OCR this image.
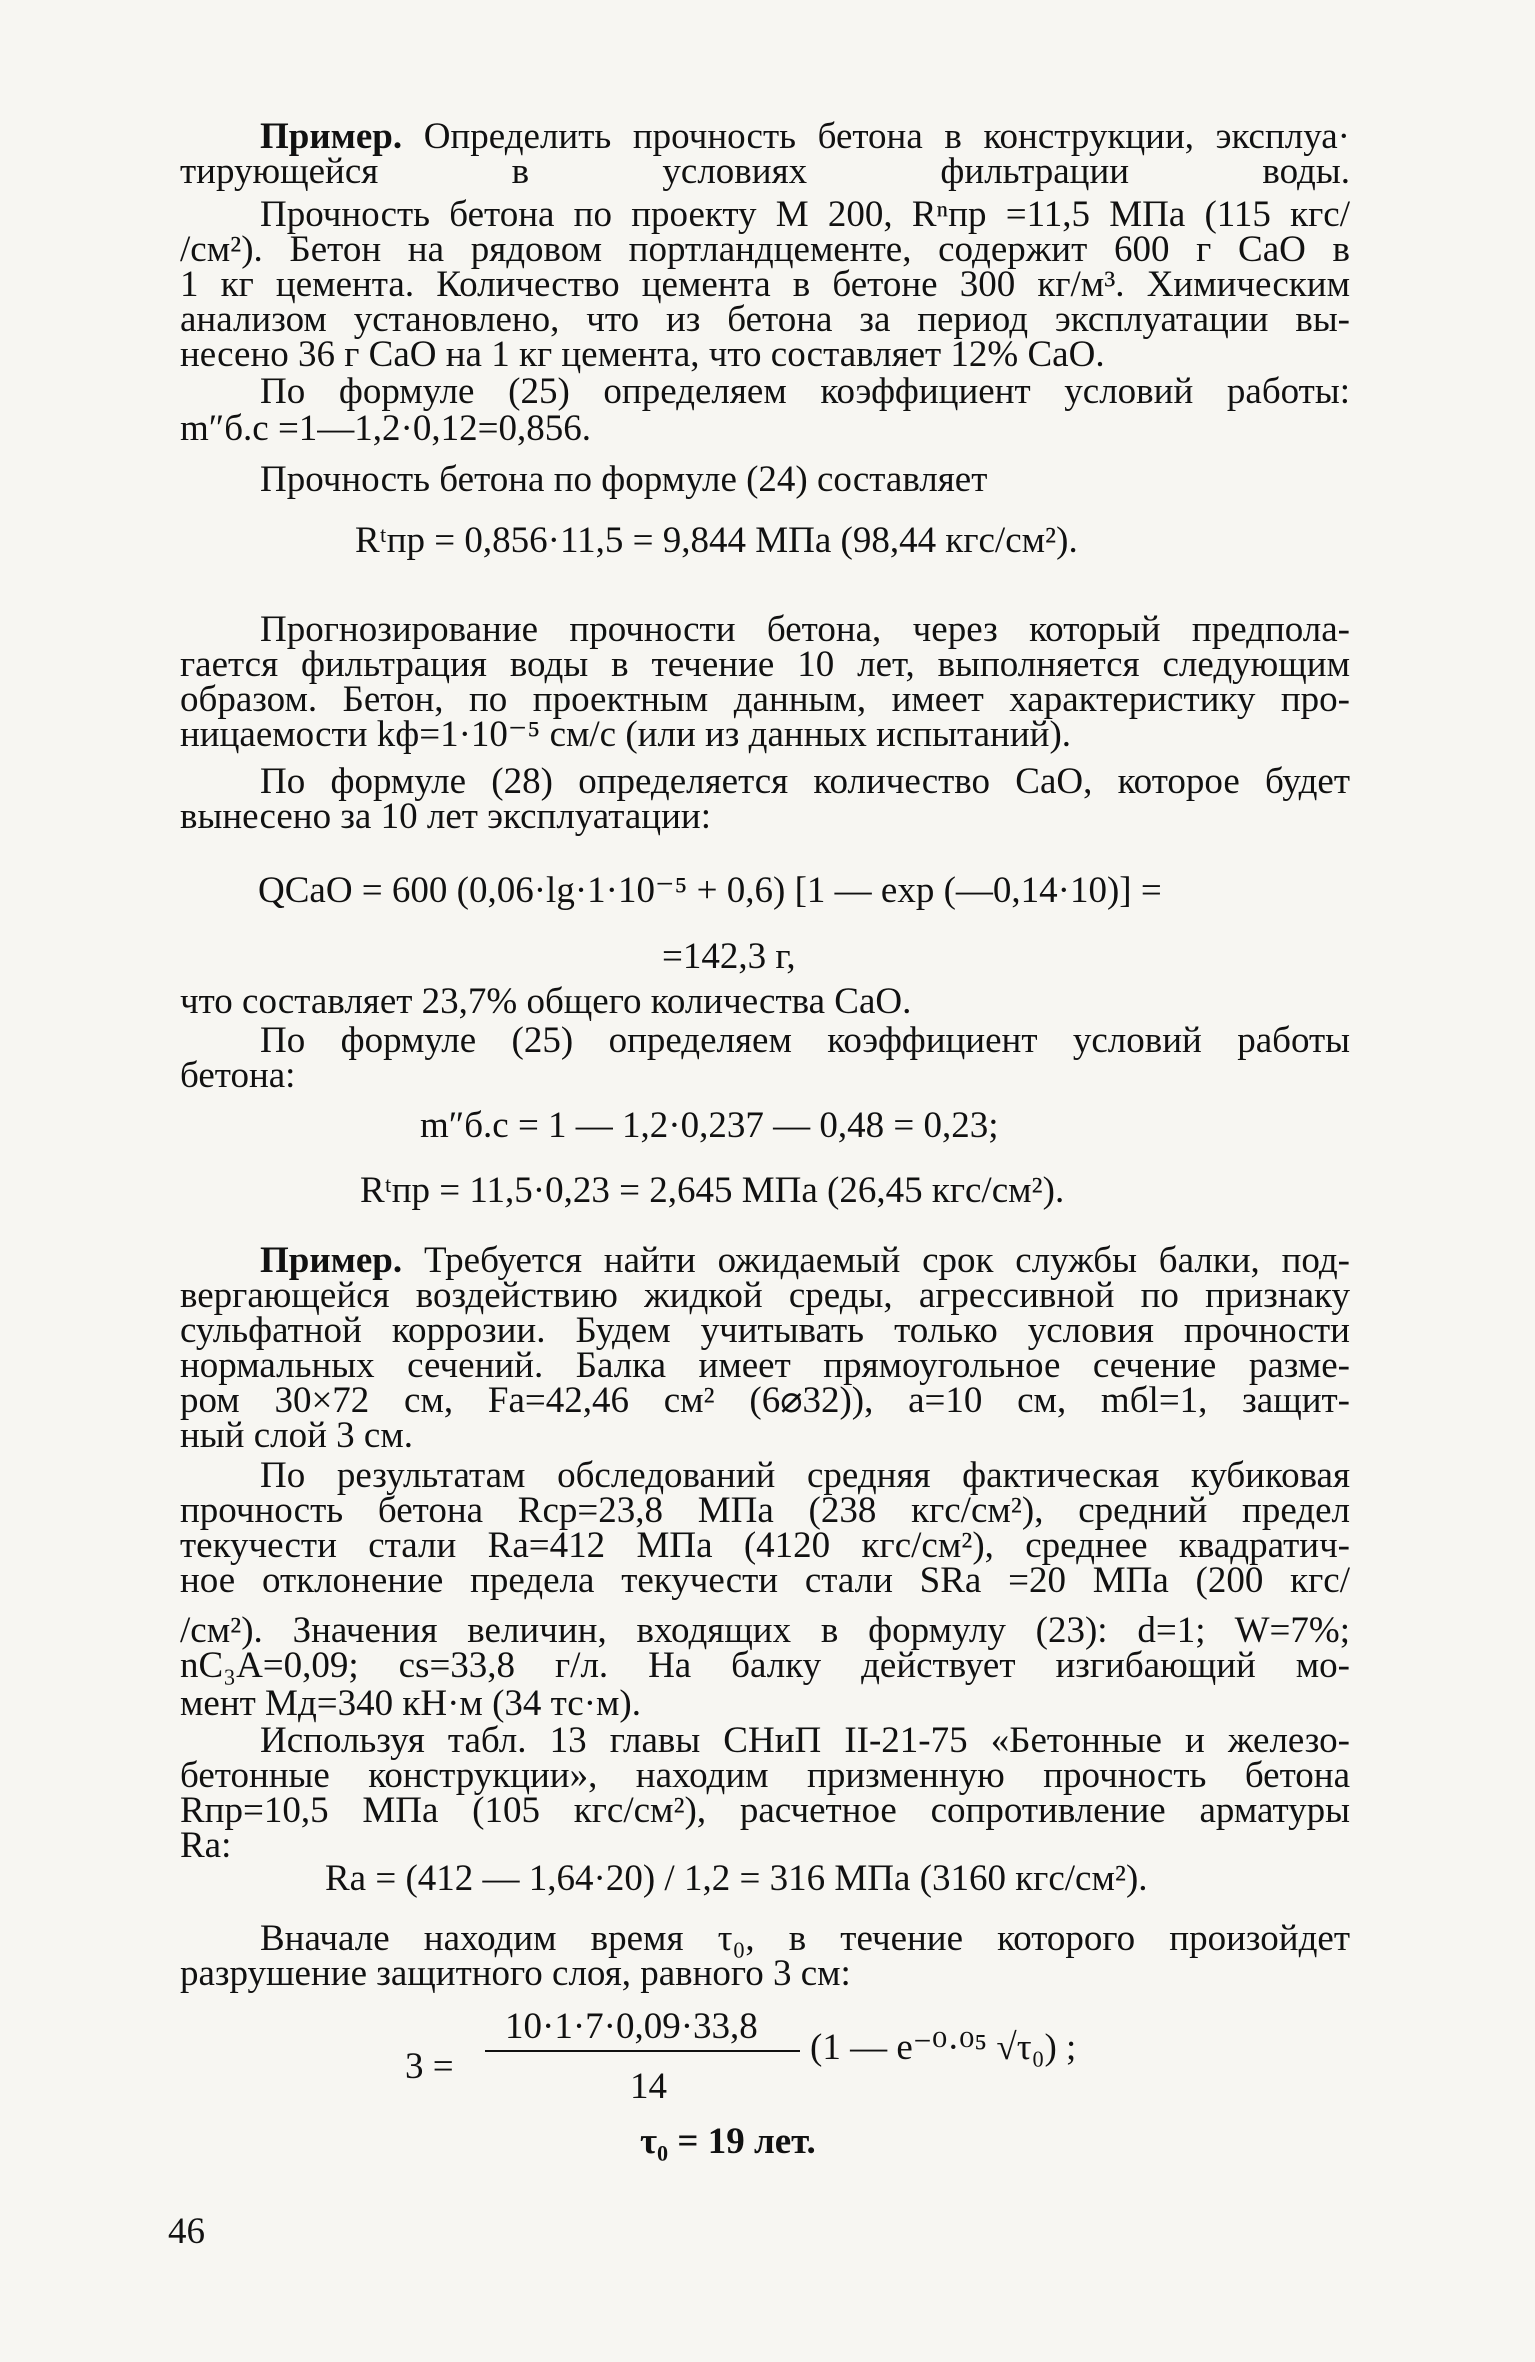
Пример. Определить прочность бетона в конструкции, эксплуа·
тирующейся в условиях фильтрации воды.
Прочность бетона по проекту М 200, Rⁿпр =11,5 МПа (115 кгс/
/см²). Бетон на рядовом портландцементе, содержит 600 г СаО в
1 кг цемента. Количество цемента в бетоне 300 кг/м³. Химическим
анализом установлено, что из бетона за период эксплуатации вы-
несено 36 г СаО на 1 кг цемента, что составляет 12% СаО.
По формуле (25) определяем коэффициент условий работы:
m″б.с =1—1,2·0,12=0,856.
Прочность бетона по формуле (24) составляет
Rᵗпр = 0,856·11,5 = 9,844 МПа (98,44 кгс/см²).
Прогнозирование прочности бетона, через который предпола-
гается фильтрация воды в течение 10 лет, выполняется следующим
образом. Бетон, по проектным данным, имеет характеристику про-
ницаемости kф=1·10⁻⁵ см/с (или из данных испытаний).
По формуле (28) определяется количество СаО, которое будет
вынесено за 10 лет эксплуатации:
QCaO = 600 (0,06·lg·1·10⁻⁵ + 0,6) [1 — exp (—0,14·10)] =
=142,3 г,
что составляет 23,7% общего количества СаО.
По формуле (25) определяем коэффициент условий работы
бетона:
m″б.с = 1 — 1,2·0,237 — 0,48 = 0,23;
Rᵗпр = 11,5·0,23 = 2,645 МПа (26,45 кгс/см²).
Пример. Требуется найти ожидаемый срок службы балки, под-
вергающейся воздействию жидкой среды, агрессивной по признаку
сульфатной коррозии. Будем учитывать только условия прочности
нормальных сечений. Балка имеет прямоугольное сечение разме-
ром 30×72 см, Fа=42,46 см² (6⌀32)), a=10 см, mбl=1, защит-
ный слой 3 см.
По результатам обследований средняя фактическая кубиковая
прочность бетона Rср=23,8 МПа (238 кгс/см²), средний предел
текучести стали Rа=412 МПа (4120 кгс/см²), среднее квадратич-
ное отклонение предела текучести стали SRа =20 МПа (200 кгс/
/см²). Значения величин, входящих в формулу (23): d=1; W=7%;
nC₃A=0,09; cs=33,8 г/л. На балку действует изгибающий мо-
мент Mд=340 кН·м (34 тс·м).
Используя табл. 13 главы СНиП II-21-75 «Бетонные и железо-
бетонные конструкции», находим призменную прочность бетона
Rпр=10,5 МПа (105 кгс/см²), расчетное сопротивление арматуры
Rа:
Rа = (412 — 1,64·20) / 1,2 = 316 МПа (3160 кгс/см²).
Вначале находим время τ₀, в течение которого произойдет
разрушение защитного слоя, равного 3 см:
3 =
10·1·7·0,09·33,8
14
(1 — e⁻⁰·⁰⁵ √τ₀) ;
τ₀ = 19 лет.
46
